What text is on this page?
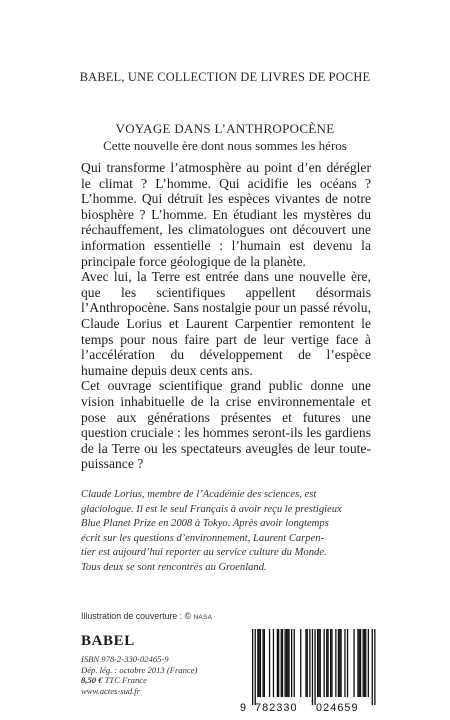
BABEL, UNE COLLECTION DE LIVRES DE POCHE
VOYAGE DANS L’ANTHROPOCÈNE
Cette nouvelle ère dont nous sommes les héros

Qui transforme l’atmosphère au point d’en dérégler le climat ? L’homme. Qui acidifie les océans ? L’homme. Qui détruit les espèces vivantes de notre biosphère ? L’homme. En étudiant les mystères du réchauffement, les climatologues ont découvert une information essentielle : l’humain est devenu la principale force géologique de la planète.

Avec lui, la Terre est entrée dans une nouvelle ère, que les scientifiques appellent désormais l’Anthropocène. Sans nostalgie pour un passé révolu, Claude Lorius et Laurent Carpentier remontent le temps pour nous faire part de leur vertige face à l’accélération du développement de l’espèce humaine depuis deux cents ans.

Cet ouvrage scientifique grand public donne une vision inhabituelle de la crise environnementale et pose aux générations présentes et futures une question cruciale : les hommes seront-ils les gardiens de la Terre ou les spectateurs aveugles de leur toute-puissance ?

Claude Lorius, membre de l’Académie des sciences, est
glaciologue. Il est le seul Français à avoir reçu le prestigieux
Blue Planet Prize en 2008 à Tokyo. Après avoir longtemps
écrit sur les questions d’environnement, Laurent Carpen-
tier est aujourd’hui reporter au service culture du Monde.
Tous deux se sont rencontrés au Groenland.
Illustration de couverture : © NASA
BABEL
ISBN 978-2-330-02465-9
Dép. lég. : octobre 2013 (France)
8,50 € TTC France
www.actes-sud.fr
9 782330 024659
